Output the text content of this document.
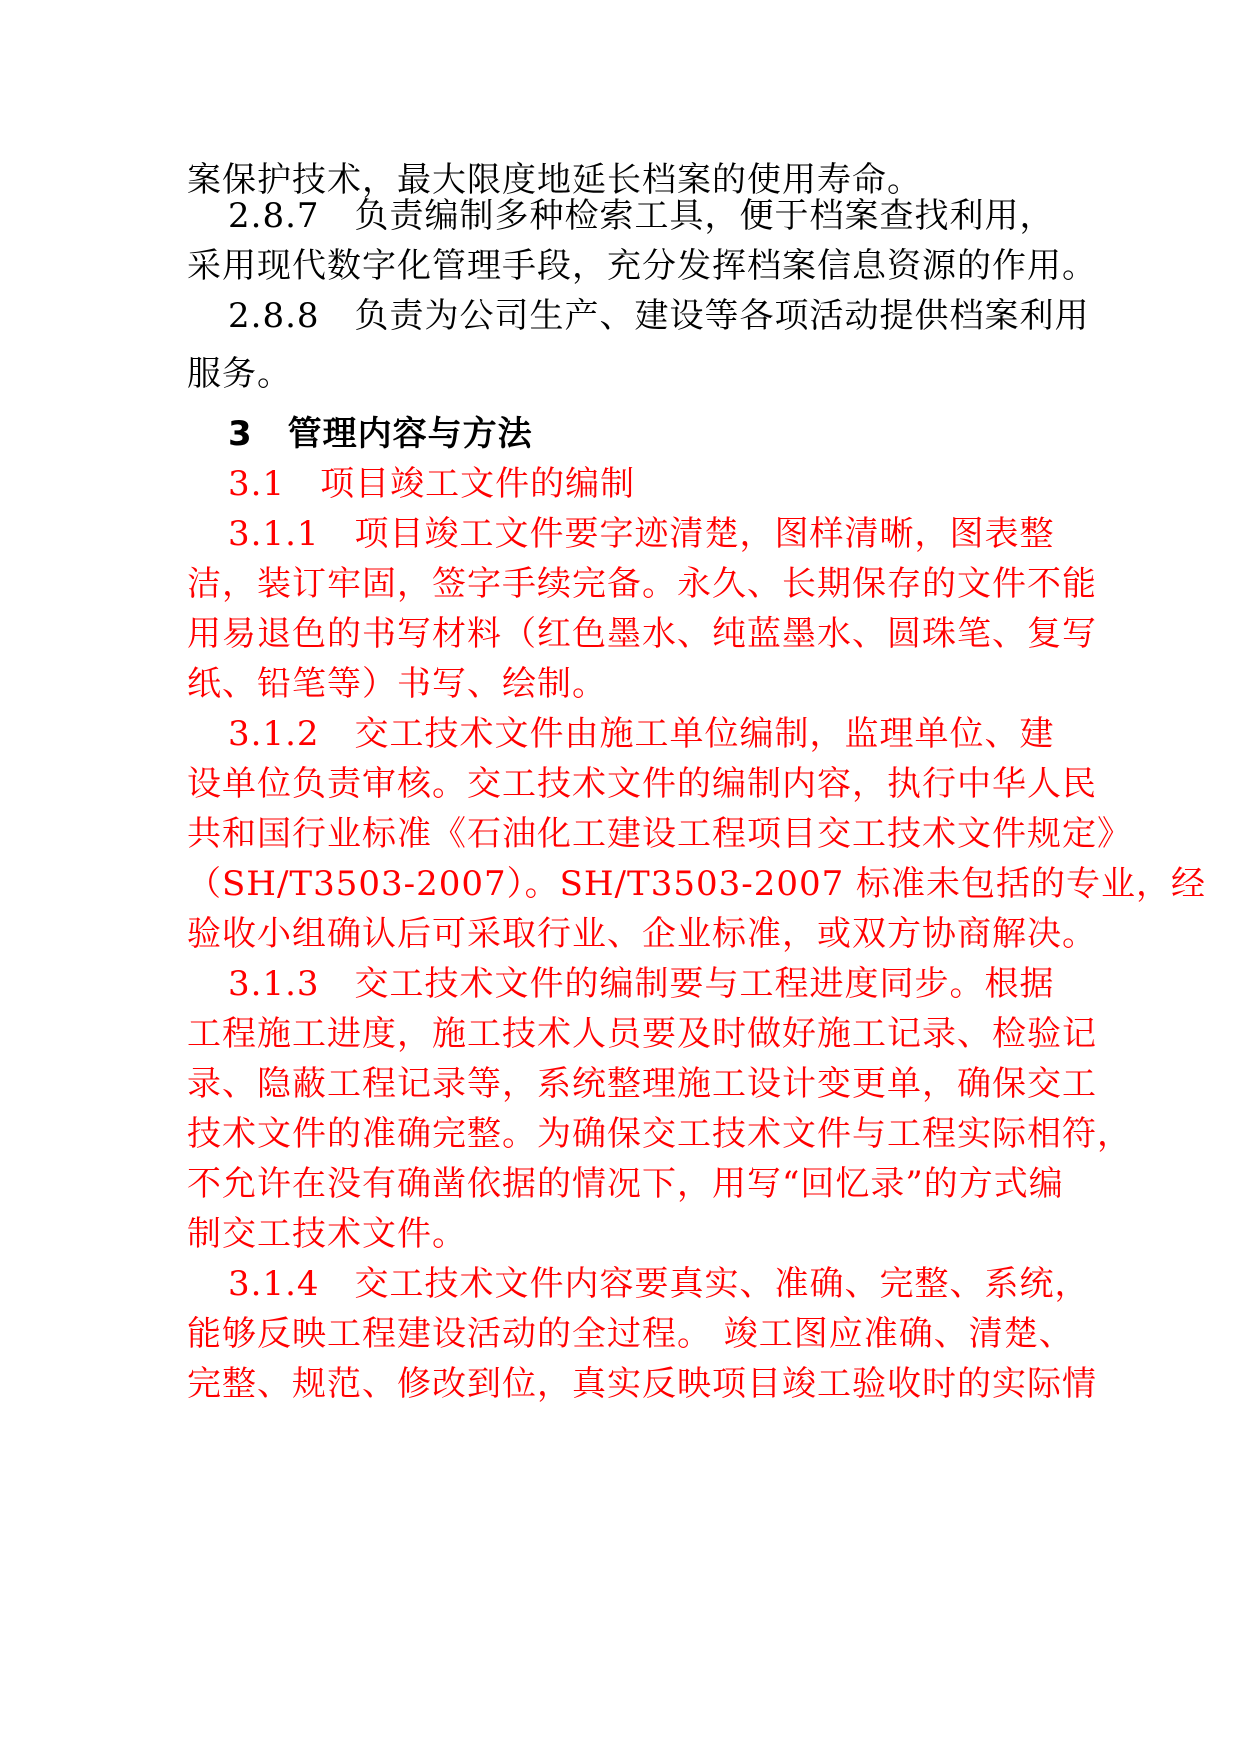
案保护技术，最大限度地延长档案的使用寿命。
2.8.7　负责编制多种检索工具，便于档案查找利用，
采用现代数字化管理手段，充分发挥档案信息资源的作用。
2.8.8　负责为公司生产、建设等各项活动提供档案利用
服务。
3　管理内容与方法
3.1　项目竣工文件的编制
3.1.1　项目竣工文件要字迹清楚，图样清晰，图表整
洁，装订牢固，签字手续完备。永久、长期保存的文件不能
用易退色的书写材料（红色墨水、纯蓝墨水、圆珠笔、复写
纸、铅笔等）书写、绘制。
3.1.2　交工技术文件由施工单位编制，监理单位、建
设单位负责审核。交工技术文件的编制内容，执行中华人民
共和国行业标准《石油化工建设工程项目交工技术文件规定》
（SH/T3503-2007）。SH/T3503-2007 标准未包括的专业，经
验收小组确认后可采取行业、企业标准，或双方协商解决。
3.1.3　交工技术文件的编制要与工程进度同步。根据
工程施工进度，施工技术人员要及时做好施工记录、检验记
录、隐蔽工程记录等，系统整理施工设计变更单，确保交工
技术文件的准确完整。为确保交工技术文件与工程实际相符，
不允许在没有确凿依据的情况下，用写“回忆录”的方式编
制交工技术文件。
3.1.4　交工技术文件内容要真实、准确、完整、系统，
能够反映工程建设活动的全过程。 竣工图应准确、清楚、
完整、规范、修改到位，真实反映项目竣工验收时的实际情
